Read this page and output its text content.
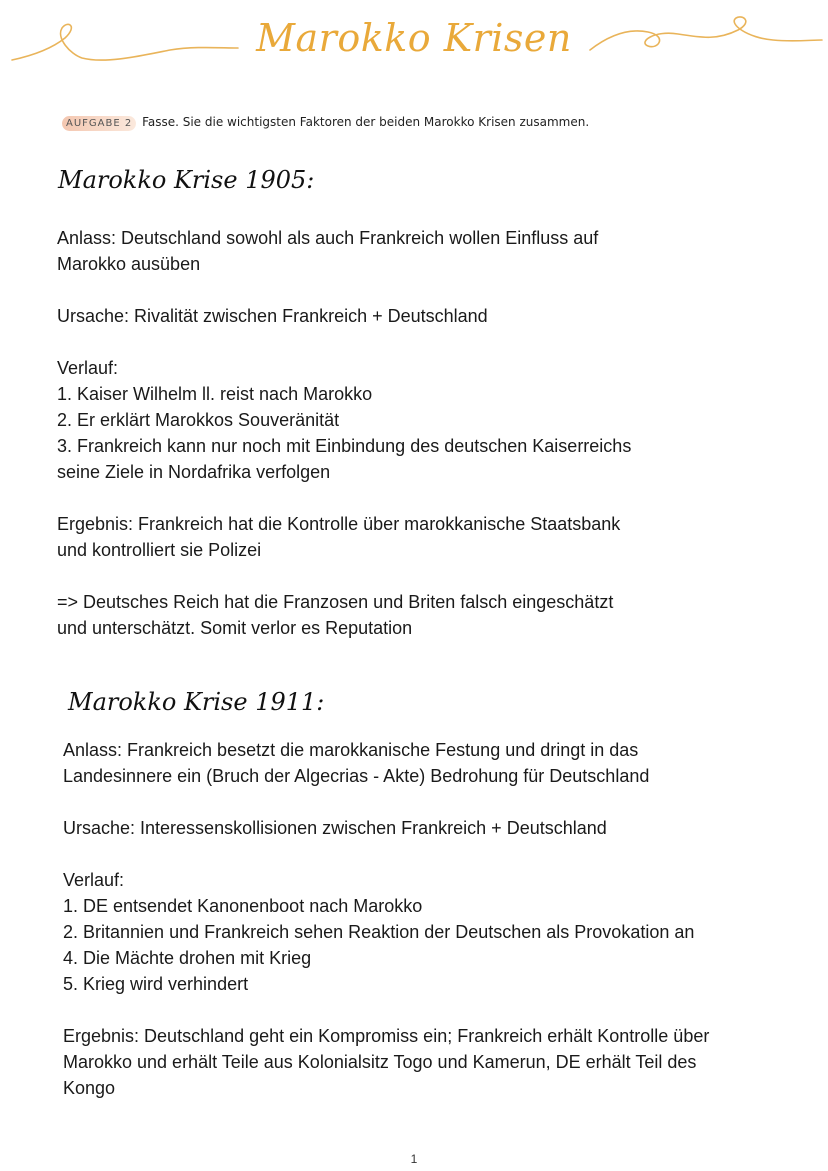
Marokko Krisen
AUFGABE 2 Fasse. Sie die wichtigsten Faktoren der beiden Marokko Krisen zusammen.
Marokko Krise 1905:
Anlass: Deutschland sowohl als auch Frankreich wollen Einfluss auf
Marokko ausüben
Ursache: Rivalität zwischen Frankreich + Deutschland
Verlauf:
1. Kaiser Wilhelm ll. reist nach Marokko
2. Er erklärt Marokkos Souveränität
3. Frankreich kann nur noch mit Einbindung des deutschen Kaiserreichs
seine Ziele in Nordafrika verfolgen
Ergebnis: Frankreich hat die Kontrolle über marokkanische Staatsbank
und kontrolliert sie Polizei
=> Deutsches Reich hat die Franzosen und Briten falsch eingeschätzt
und unterschätzt. Somit verlor es Reputation
Marokko Krise 1911:
Anlass: Frankreich besetzt die marokkanische Festung und dringt in das
Landesinnere ein (Bruch der Algecrias - Akte) Bedrohung für Deutschland
Ursache: Interessenskollisionen zwischen Frankreich + Deutschland
Verlauf:
1. DE entsendet Kanonenboot nach Marokko
2. Britannien und Frankreich sehen Reaktion der Deutschen als Provokation an
4. Die Mächte drohen mit Krieg
5. Krieg wird verhindert
Ergebnis: Deutschland geht ein Kompromiss ein; Frankreich erhält Kontrolle über
Marokko und erhält Teile aus Kolonialsitz Togo und Kamerun, DE erhält Teil des
Kongo
1
